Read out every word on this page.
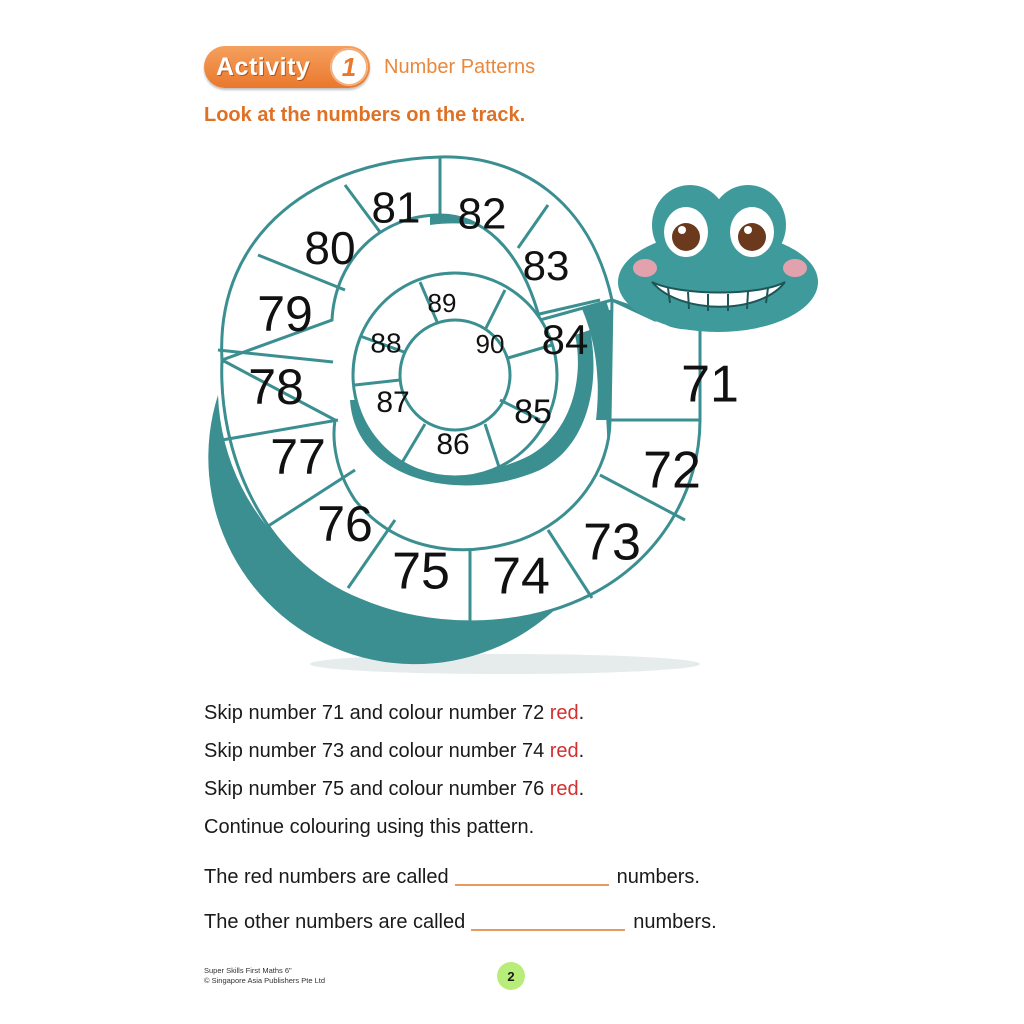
Activity	1	Number Patterns
Look at the numbers on the track.
71
72
73
74
75
76
77
78
79
80
81 82
83
84
85
86
87
88
89
90
Skip number 71 and colour number 72 red.
Skip number 73 and colour number 74 red.
Skip number 75 and colour number 76 red.
Continue colouring using this pattern.
The red numbers are called	numbers.
The other numbers are called	numbers.
Super Skills First Maths 6"
© Singapore Asia Publishers Pte Ltd	2
